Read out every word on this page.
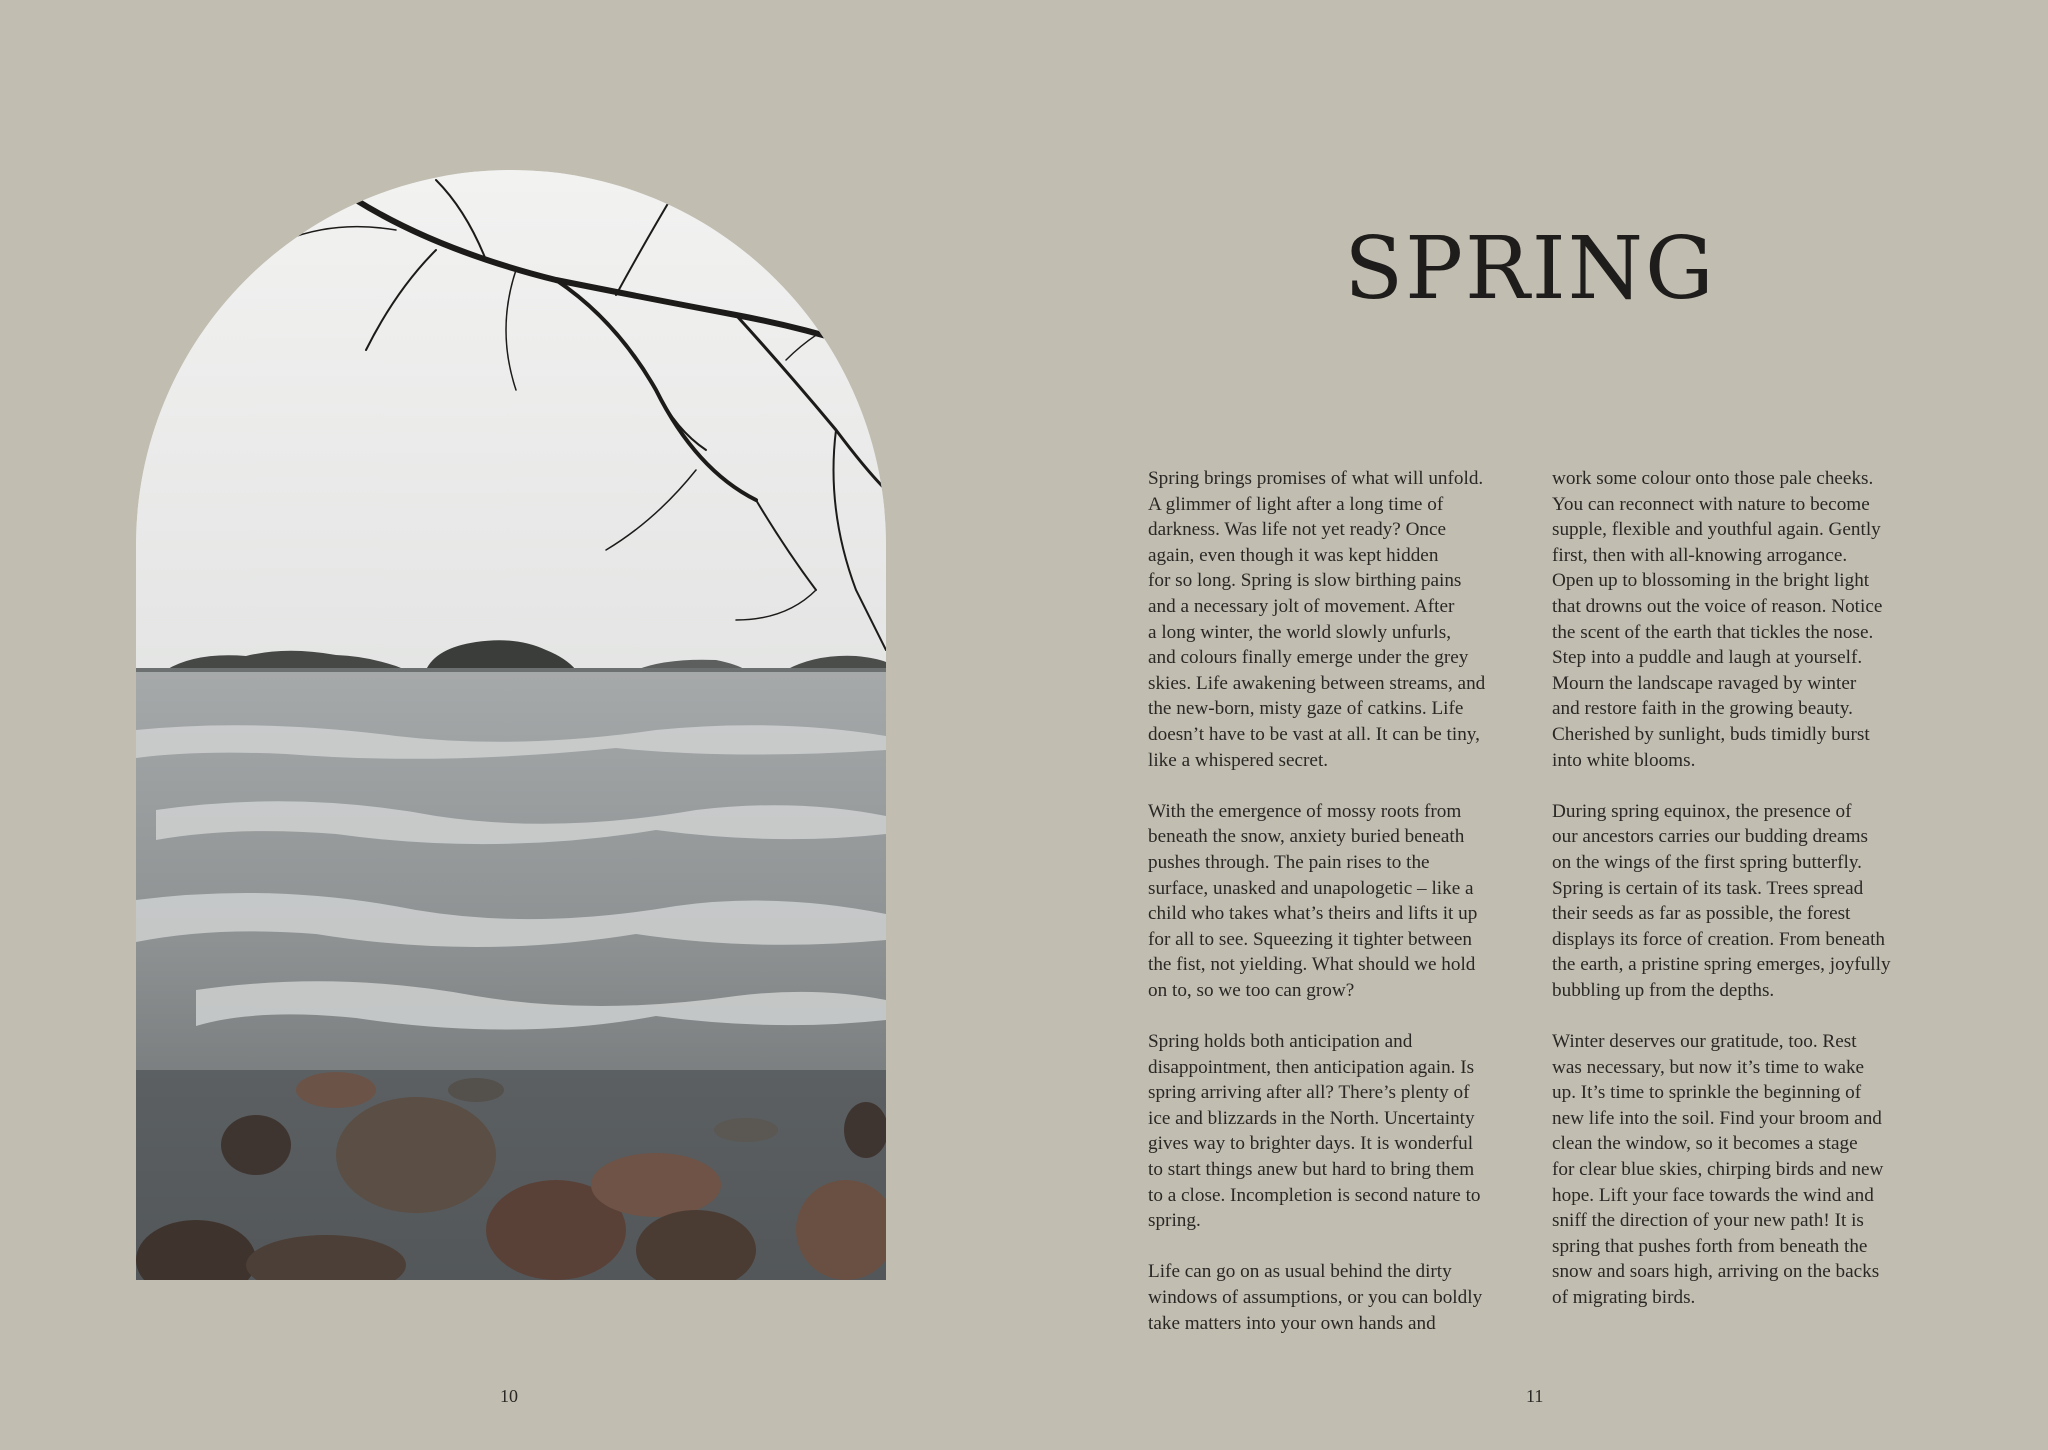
10
SPRING

Spring brings promises of what will unfold.
A glimmer of light after a long time of
darkness. Was life not yet ready? Once
again, even though it was kept hidden
for so long. Spring is slow birthing pains
and a necessary jolt of movement. After
a long winter, the world slowly unfurls,
and colours finally emerge under the grey
skies. Life awakening between streams, and
the new-born, misty gaze of catkins. Life
doesn’t have to be vast at all. It can be tiny,
like a whispered secret.

With the emergence of mossy roots from
beneath the snow, anxiety buried beneath
pushes through. The pain rises to the
surface, unasked and unapologetic – like a
child who takes what’s theirs and lifts it up
for all to see. Squeezing it tighter between
the fist, not yielding. What should we hold
on to, so we too can grow?

Spring holds both anticipation and
disappointment, then anticipation again. Is
spring arriving after all? There’s plenty of
ice and blizzards in the North. Uncertainty
gives way to brighter days. It is wonderful
to start things anew but hard to bring them
to a close. Incompletion is second nature to
spring.

Life can go on as usual behind the dirty
windows of assumptions, or you can boldly
take matters into your own hands and

work some colour onto those pale cheeks.
You can reconnect with nature to become
supple, flexible and youthful again. Gently
first, then with all-knowing arrogance.
Open up to blossoming in the bright light
that drowns out the voice of reason. Notice
the scent of the earth that tickles the nose.
Step into a puddle and laugh at yourself.
Mourn the landscape ravaged by winter
and restore faith in the growing beauty.
Cherished by sunlight, buds timidly burst
into white blooms.

During spring equinox, the presence of
our ancestors carries our budding dreams
on the wings of the first spring butterfly.
Spring is certain of its task. Trees spread
their seeds as far as possible, the forest
displays its force of creation. From beneath
the earth, a pristine spring emerges, joyfully
bubbling up from the depths.

Winter deserves our gratitude, too. Rest
was necessary, but now it’s time to wake
up. It’s time to sprinkle the beginning of
new life into the soil. Find your broom and
clean the window, so it becomes a stage
for clear blue skies, chirping birds and new
hope. Lift your face towards the wind and
sniff the direction of your new path! It is
spring that pushes forth from beneath the
snow and soars high, arriving on the backs
of migrating birds.

11
